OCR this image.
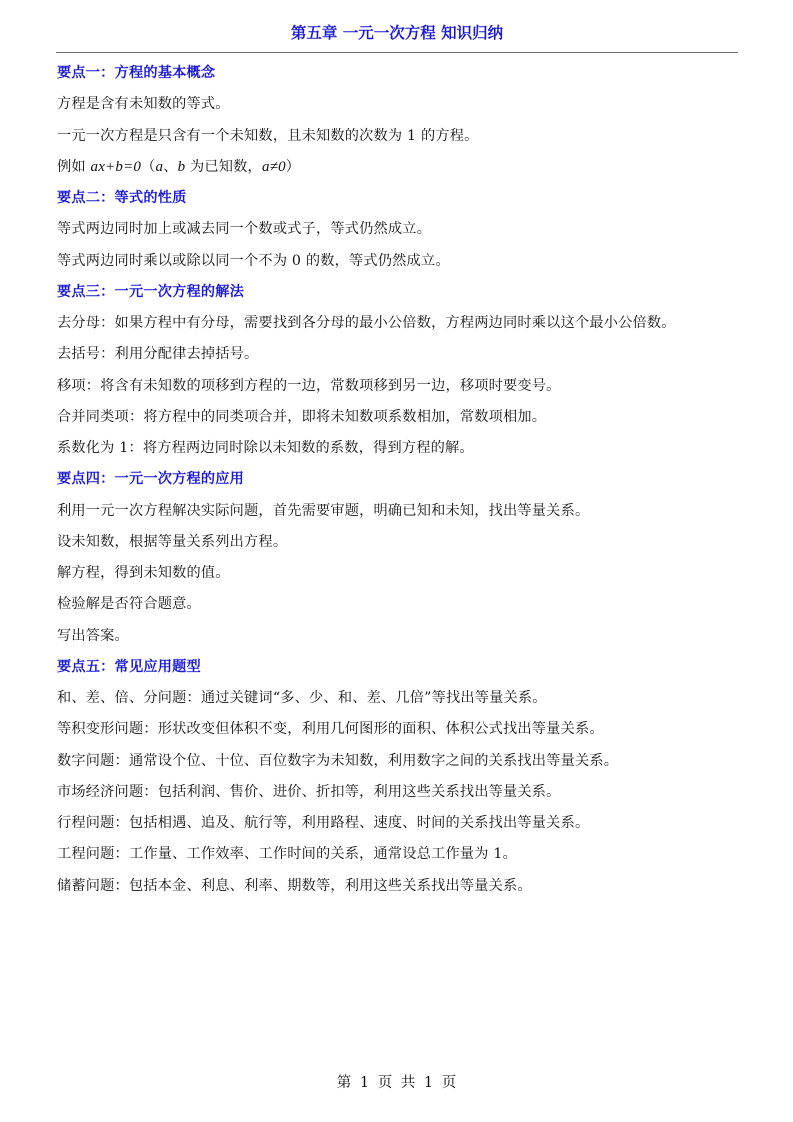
第五章 一元一次方程 知识归纳
要点一：方程的基本概念
方程是含有未知数的等式。
一元一次方程是只含有一个未知数，且未知数的次数为 1 的方程。
例如 ax+b=0（a、b 为已知数，a≠0）
要点二：等式的性质
等式两边同时加上或减去同一个数或式子，等式仍然成立。
等式两边同时乘以或除以同一个不为 0 的数，等式仍然成立。
要点三：一元一次方程的解法
去分母：如果方程中有分母，需要找到各分母的最小公倍数，方程两边同时乘以这个最小公倍数。
去括号：利用分配律去掉括号。
移项：将含有未知数的项移到方程的一边，常数项移到另一边，移项时要变号。
合并同类项：将方程中的同类项合并，即将未知数项系数相加，常数项相加。
系数化为 1：将方程两边同时除以未知数的系数，得到方程的解。
要点四：一元一次方程的应用
利用一元一次方程解决实际问题，首先需要审题，明确已知和未知，找出等量关系。
设未知数，根据等量关系列出方程。
解方程，得到未知数的值。
检验解是否符合题意。
写出答案。
要点五：常见应用题型
和、差、倍、分问题：通过关键词“多、少、和、差、几倍”等找出等量关系。
等积变形问题：形状改变但体积不变，利用几何图形的面积、体积公式找出等量关系。
数字问题：通常设个位、十位、百位数字为未知数，利用数字之间的关系找出等量关系。
市场经济问题：包括利润、售价、进价、折扣等，利用这些关系找出等量关系。
行程问题：包括相遇、追及、航行等，利用路程、速度、时间的关系找出等量关系。
工程问题：工作量、工作效率、工作时间的关系，通常设总工作量为 1。
储蓄问题：包括本金、利息、利率、期数等，利用这些关系找出等量关系。
第 1 页 共 1 页
